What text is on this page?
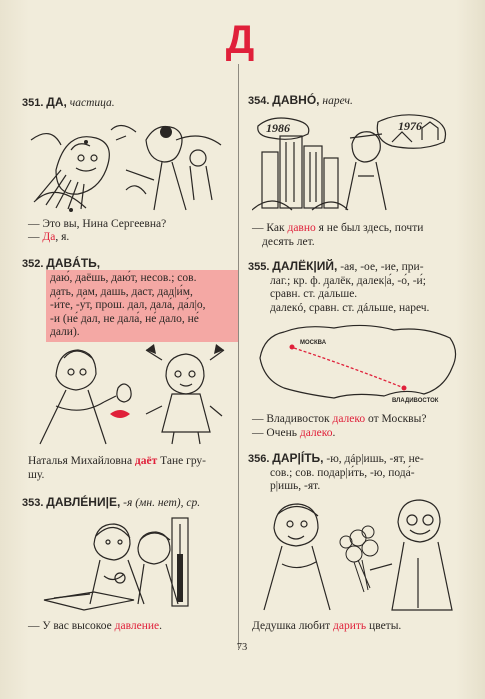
Д
351. ДА, частица.
— Это вы, Нина Сергеевна?
— Да, я.
352. ДАВÁТЬ,
даю́, даёшь, даю́т, несов.; сов.
дать, дам, дашь, даст, дад|и́м,
-и́те, -у́т, прош. дал, дала́, да́л|о,
-и (не́ дал, не дала́, не́ дало, не́
дали).
Наталья Михайловна даёт Тане гру-
шу.
353. ДАВЛÉНИ|Е, -я (мн. нет), ср.
— У вас высокое давление.
354. ДАВНÓ, нареч.
1986	1976
— Как давно я не был здесь, почти
десять лет.
355. ДАЛЁК|ИЙ, -ая, -ое, -ие, при-
лаг.; кр. ф. далёк, далек|а́, -о́, -и́;
сравн. ст. да́льше.
далекó, сравн. ст. дáльше, нареч.
МОСКВА
ВЛАДИВОСТОК
— Владивосток далеко от Москвы?
— Очень далеко.
356. ДАР|ÍТЬ, -ю, дáр|ишь, -ят, не-
сов.; сов. подар|и́ть, -ю, пода́-
р|ишь, -ят.
Дедушка любит дарить цветы.
73
